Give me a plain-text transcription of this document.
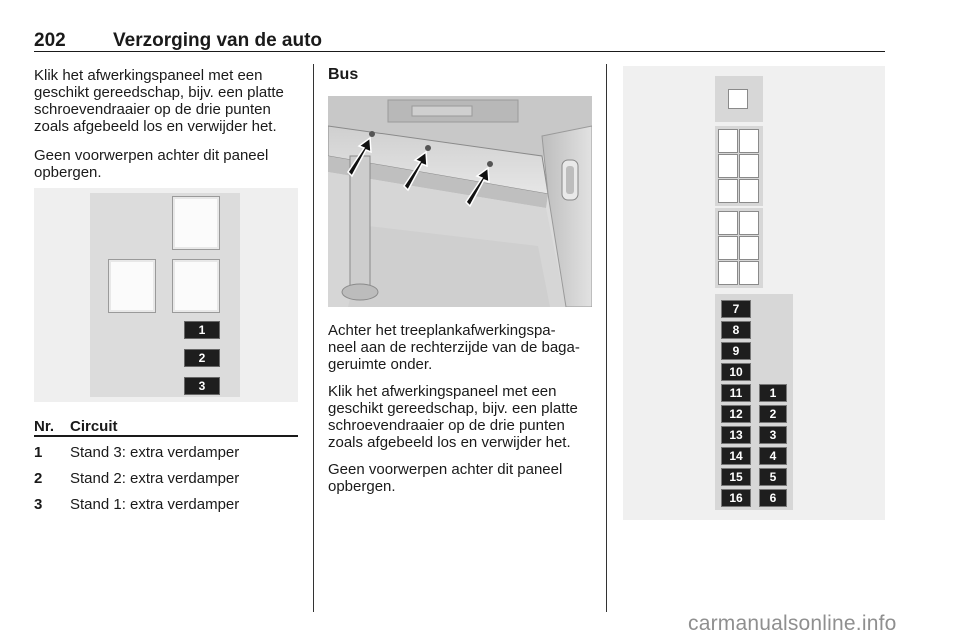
202 Verzorging van de auto
Klik het afwerkingspaneel met een
geschikt gereedschap, bijv. een platte
schroevendraaier op de drie punten
zoals afgebeeld los en verwijder het.
Geen voorwerpen achter dit paneel
opbergen.
1
2
3
Nr. Circuit
1 Stand 3: extra verdamper
2 Stand 2: extra verdamper
3 Stand 1: extra verdamper
Bus
Achter het treeplankafwerkingspa-
neel aan de rechterzijde van de baga-
geruimte onder.
Klik het afwerkingspaneel met een
geschikt gereedschap, bijv. een platte
schroevendraaier op de drie punten
zoals afgebeeld los en verwijder het.
Geen voorwerpen achter dit paneel
opbergen.
7
8
9
10
11
12
13
14
15
16
1
2
3
4
5
6
carmanualsonline.info
